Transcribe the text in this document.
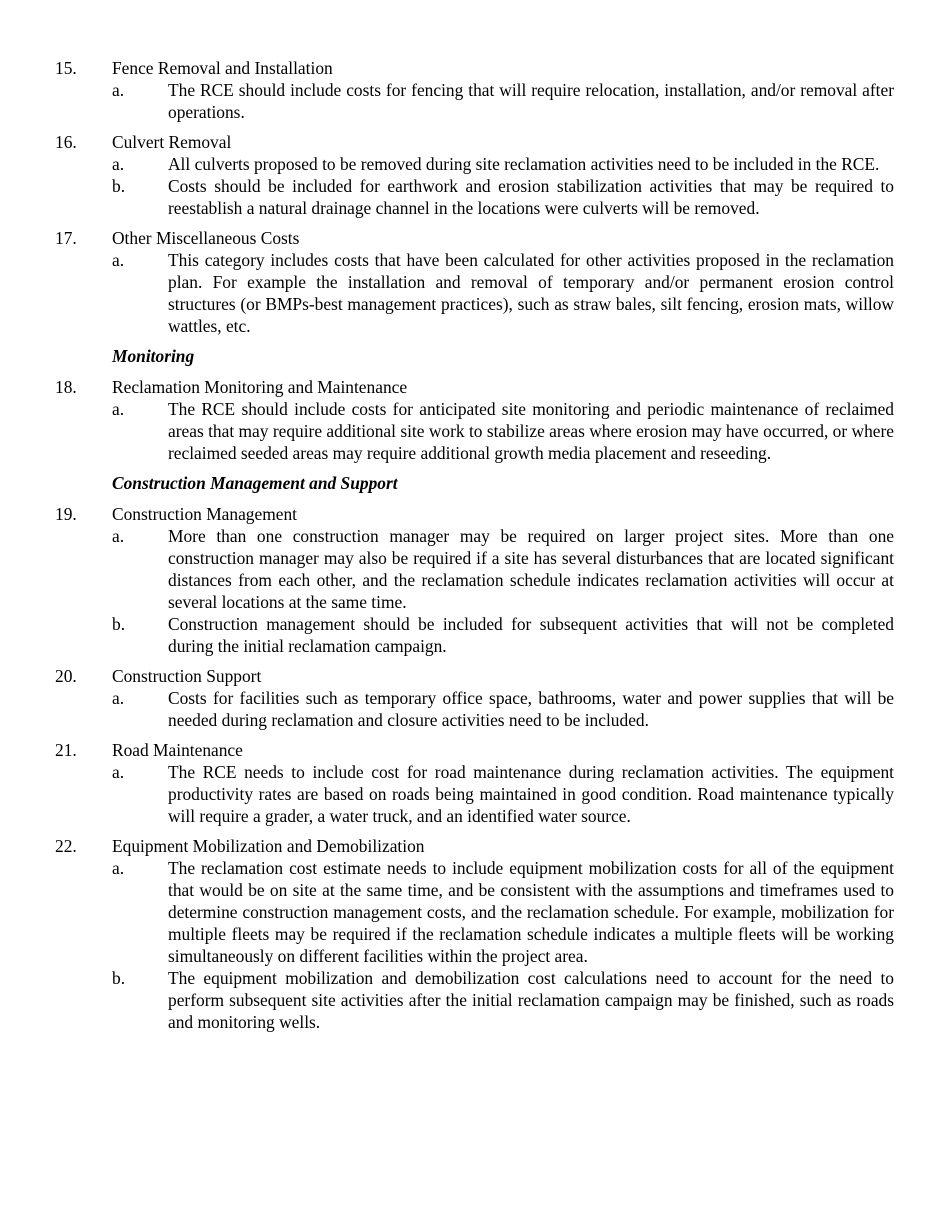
15. Fence Removal and Installation
a.	The RCE should include costs for fencing that will require relocation, installation, and/or removal after operations.
16. Culvert Removal
a.	All culverts proposed to be removed during site reclamation activities need to be included in the RCE.
b. Costs should be included for earthwork and erosion stabilization activities that may be required to reestablish a natural drainage channel in the locations were culverts will be removed.
17. Other Miscellaneous Costs
a.	This category includes costs that have been calculated for other activities proposed in the reclamation plan. For example the installation and removal of temporary and/or permanent erosion control structures (or BMPs-best management practices), such as straw bales, silt fencing, erosion mats, willow wattles, etc.
Monitoring
18. Reclamation Monitoring and Maintenance
a.	The RCE should include costs for anticipated site monitoring and periodic maintenance of reclaimed areas that may require additional site work to stabilize areas where erosion may have occurred, or where reclaimed seeded areas may require additional growth media placement and reseeding.
Construction Management and Support
19. Construction Management
a.	More than one construction manager may be required on larger project sites. More than one construction manager may also be required if a site has several disturbances that are located significant distances from each other, and the reclamation schedule indicates reclamation activities will occur at several locations at the same time.
b. Construction management should be included for subsequent activities that will not be completed during the initial reclamation campaign.
20. Construction Support
a.	Costs for facilities such as temporary office space, bathrooms, water and power supplies that will be needed during reclamation and closure activities need to be included.
21. Road Maintenance
a.	The RCE needs to include cost for road maintenance during reclamation activities. The equipment productivity rates are based on roads being maintained in good condition. Road maintenance typically will require a grader, a water truck, and an identified water source.
22. Equipment Mobilization and Demobilization
a.	The reclamation cost estimate needs to include equipment mobilization costs for all of the equipment that would be on site at the same time, and be consistent with the assumptions and timeframes used to determine construction management costs, and the reclamation schedule. For example, mobilization for multiple fleets may be required if the reclamation schedule indicates a multiple fleets will be working simultaneously on different facilities within the project area.
b. The equipment mobilization and demobilization cost calculations need to account for the need to perform subsequent site activities after the initial reclamation campaign may be finished, such as roads and monitoring wells.
